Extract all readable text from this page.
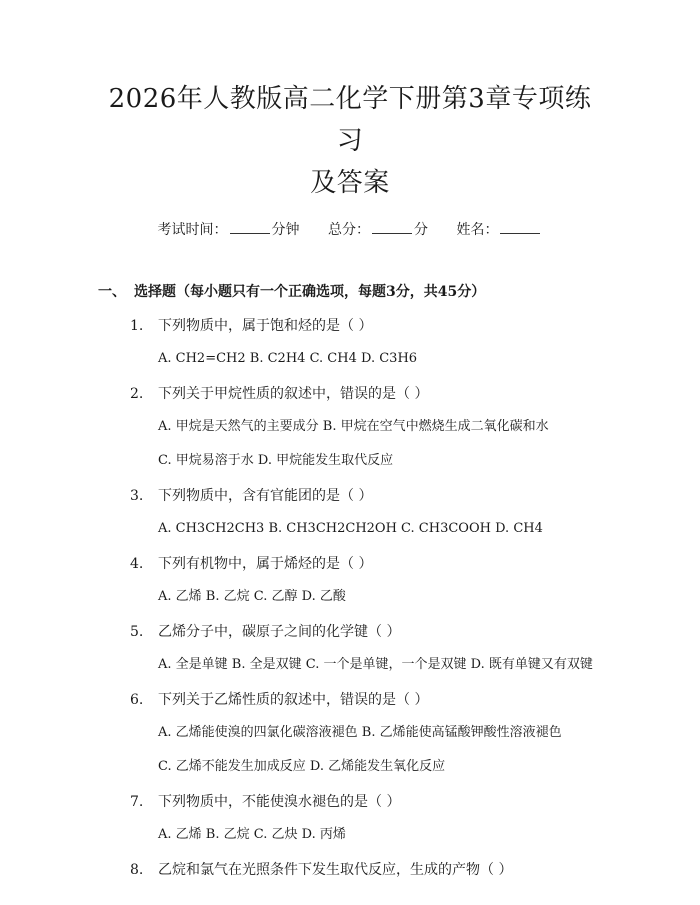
2026年人教版高二化学下册第3章专项练习
及答案
考试时间：	分钟 总分：	分 姓名：
一、 选择题（每小题只有一个正确选项，每题3分，共45分）
1. 下列物质中，属于饱和烃的是（ ）
A. CH2=CH2 B. C2H4 C. CH4 D. C3H6
2. 下列关于甲烷性质的叙述中，错误的是（ ）
A. 甲烷是天然气的主要成分 B. 甲烷在空气中燃烧生成二氧化碳和水
C. 甲烷易溶于水 D. 甲烷能发生取代反应
3. 下列物质中，含有官能团的是（ ）
A. CH3CH2CH3 B. CH3CH2CH2OH C. CH3COOH D. CH4
4. 下列有机物中，属于烯烃的是（ ）
A. 乙烯 B. 乙烷 C. 乙醇 D. 乙酸
5. 乙烯分子中，碳原子之间的化学键（ ）
A. 全是单键 B. 全是双键 C. 一个是单键，一个是双键 D. 既有单键又有双键
6. 下列关于乙烯性质的叙述中，错误的是（ ）
A. 乙烯能使溴的四氯化碳溶液褪色 B. 乙烯能使高锰酸钾酸性溶液褪色
C. 乙烯不能发生加成反应 D. 乙烯能发生氧化反应
7. 下列物质中，不能使溴水褪色的是（ ）
A. 乙烯 B. 乙烷 C. 乙炔 D. 丙烯
8. 乙烷和氯气在光照条件下发生取代反应，生成的产物（ ）
